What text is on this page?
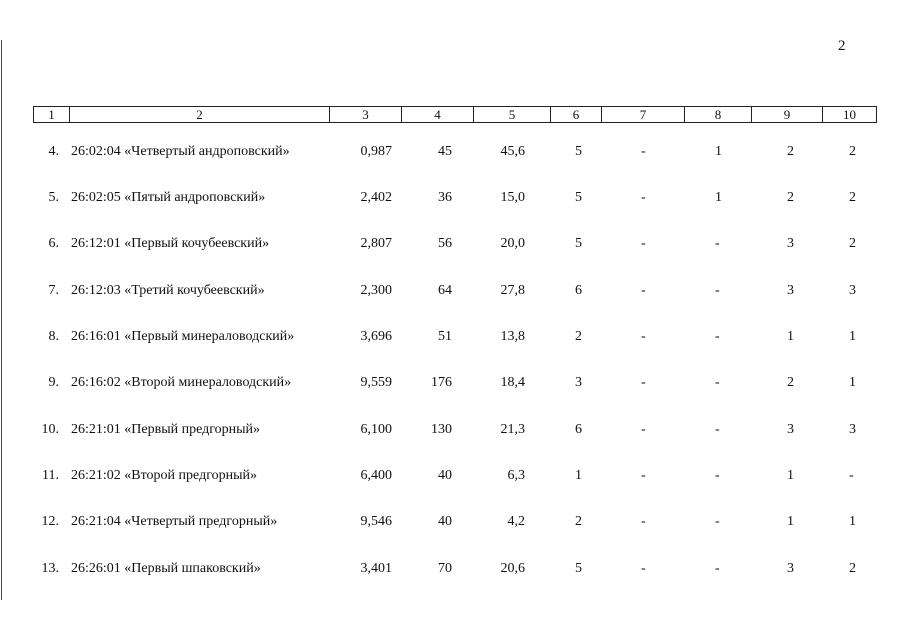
2
1	2	3	4	5	6	7	8	9	10
4. 26:02:04 «Четвертый андроповский»	0,987	45	45,6	5	-	1	2	2
5. 26:02:05 «Пятый андроповский»	2,402	36	15,0	5	-	1	2	2
6. 26:12:01 «Первый кочубеевский»	2,807	56	20,0	5	-	-	3	2
7. 26:12:03 «Третий кочубеевский»	2,300	64	27,8	6	-	-	3	3
8. 26:16:01 «Первый минераловодский»	3,696	51	13,8	2	-	-	1	1
9. 26:16:02 «Второй минераловодский»	9,559	176	18,4	3	-	-	2	1
10. 26:21:01 «Первый предгорный»	6,100	130	21,3	6	-	-	3	3
11. 26:21:02 «Второй предгорный»	6,400	40	6,3	1	-	-	1	-
12. 26:21:04 «Четвертый предгорный»	9,546	40	4,2	2	-	-	1	1
13. 26:26:01 «Первый шпаковский»	3,401	70	20,6	5	-	-	3	2
